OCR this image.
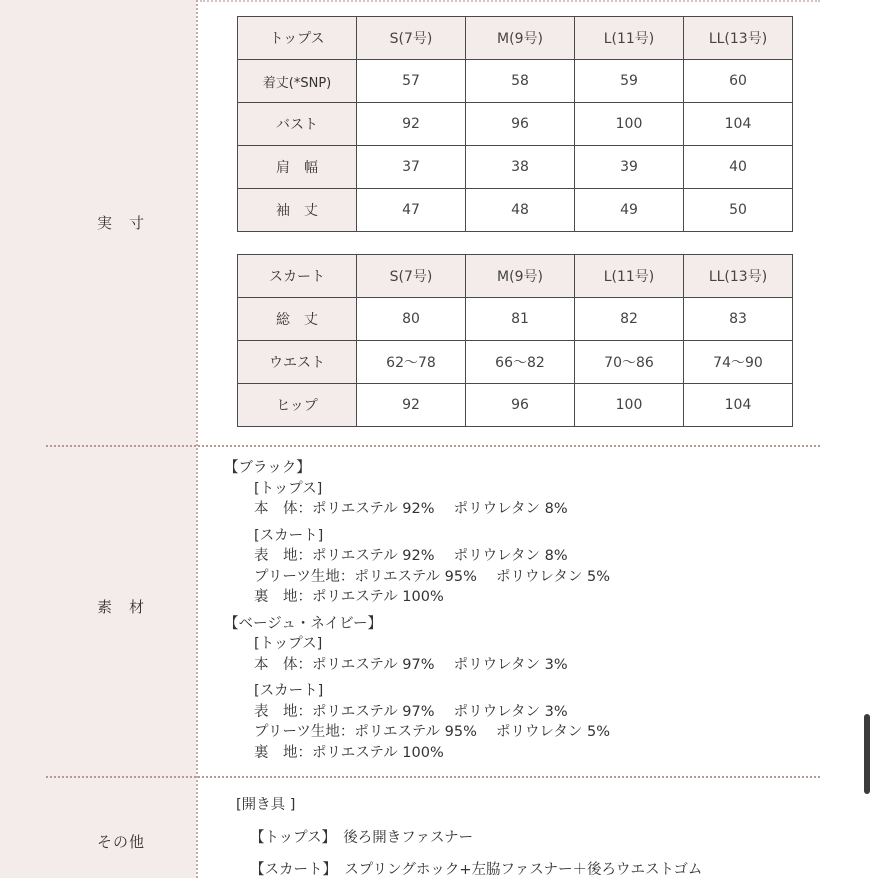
実　寸
素　材
その他
トップス	S(7号)	M(9号)	L(11号)	LL(13号)
着丈(*SNP)	57	58	59	60
バスト	92	96	100	104
肩　幅	37	38	39	40
袖　丈	47	48	49	50
スカート	S(7号)	M(9号)	L(11号)	LL(13号)
総　丈	80	81	82	83
ウエスト	62〜78	66〜82	70〜86	74〜90
ヒップ	92	96	100	104
【ブラック】
[トップス]
本　体：ポリエステル 92%　 ポリウレタン 8%
[スカート]
表　地：ポリエステル 92%　 ポリウレタン 8%
プリーツ生地：ポリエステル 95%　 ポリウレタン 5%
裏　地：ポリエステル 100%
【ベージュ・ネイビー】
[トップス]
本　体：ポリエステル 97%　 ポリウレタン 3%
[スカート]
表　地：ポリエステル 97%　 ポリウレタン 3%
プリーツ生地：ポリエステル 95%　 ポリウレタン 5%
裏　地：ポリエステル 100%
[開き具 ]
【トップス】　後ろ開きファスナー
【スカート】　スプリングホック+左脇ファスナー＋後ろウエストゴム
